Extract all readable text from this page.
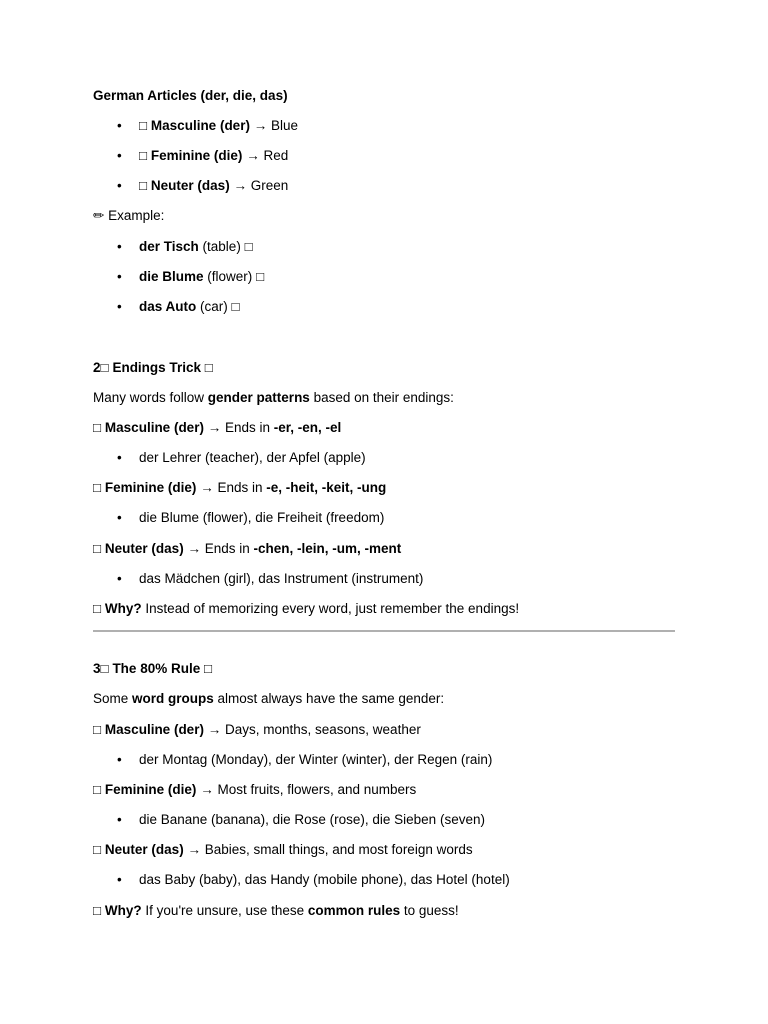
German Articles (der, die, das)
• □ Masculine (der) → Blue
• □ Feminine (die) → Red
• □ Neuter (das) → Green
✏ Example:
• der Tisch (table) □
• die Blume (flower) □
• das Auto (car) □
2□ Endings Trick □
Many words follow gender patterns based on their endings:
□ Masculine (der) → Ends in -er, -en, -el
• der Lehrer (teacher), der Apfel (apple)
□ Feminine (die) → Ends in -e, -heit, -keit, -ung
• die Blume (flower), die Freiheit (freedom)
□ Neuter (das) → Ends in -chen, -lein, -um, -ment
• das Mädchen (girl), das Instrument (instrument)
□ Why? Instead of memorizing every word, just remember the endings!
3□ The 80% Rule □
Some word groups almost always have the same gender:
□ Masculine (der) → Days, months, seasons, weather
• der Montag (Monday), der Winter (winter), der Regen (rain)
□ Feminine (die) → Most fruits, flowers, and numbers
• die Banane (banana), die Rose (rose), die Sieben (seven)
□ Neuter (das) → Babies, small things, and most foreign words
• das Baby (baby), das Handy (mobile phone), das Hotel (hotel)
□ Why? If you're unsure, use these common rules to guess!
